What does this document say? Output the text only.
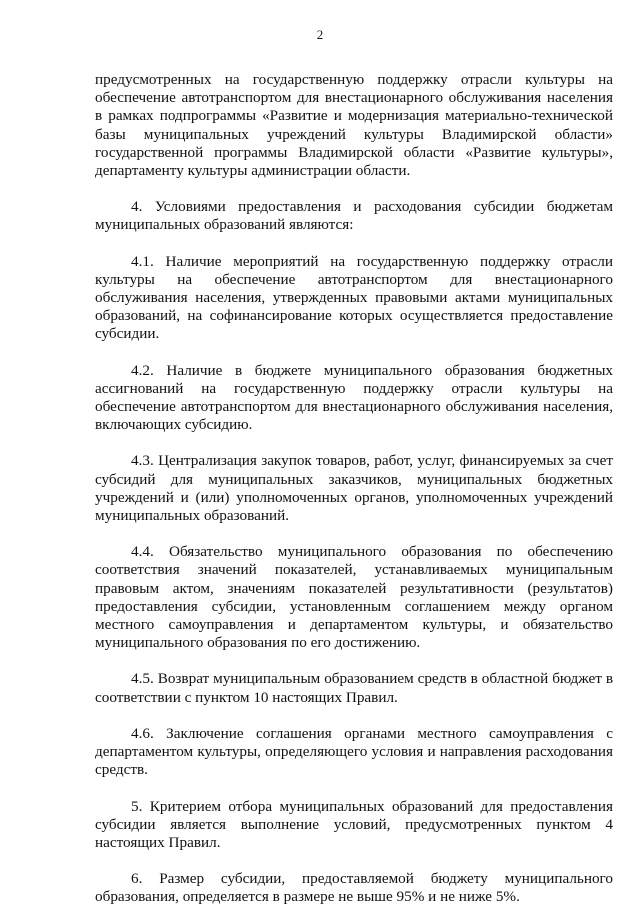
2

предусмотренных на государственную поддержку отрасли культуры на обеспечение автотранспортом для внестационарного обслуживания населения в рамках подпрограммы «Развитие и модернизация материально-технической базы муниципальных учреждений культуры Владимирской области» государственной программы Владимирской области «Развитие культуры», департаменту культуры администрации области.

4. Условиями предоставления и расходования субсидии бюджетам муниципальных образований являются:

4.1. Наличие мероприятий на государственную поддержку отрасли культуры на обеспечение автотранспортом для внестационарного обслуживания населения, утвержденных правовыми актами муниципальных образований, на софинансирование которых осуществляется предоставление субсидии.

4.2. Наличие в бюджете муниципального образования бюджетных ассигнований на государственную поддержку отрасли культуры на обеспечение автотранспортом для внестационарного обслуживания населения, включающих субсидию.

4.3. Централизация закупок товаров, работ, услуг, финансируемых за счет субсидий для муниципальных заказчиков, муниципальных бюджетных учреждений и (или) уполномоченных органов, уполномоченных учреждений муниципальных образований.

4.4. Обязательство муниципального образования по обеспечению соответствия значений показателей, устанавливаемых муниципальным правовым актом, значениям показателей результативности (результатов) предоставления субсидии, установленным соглашением между органом местного самоуправления и департаментом культуры, и обязательство муниципального образования по его достижению.

4.5. Возврат муниципальным образованием средств в областной бюджет в соответствии с пунктом 10 настоящих Правил.

4.6. Заключение соглашения органами местного самоуправления с департаментом культуры, определяющего условия и направления расходования средств.

5. Критерием отбора муниципальных образований для предоставления субсидии является выполнение условий, предусмотренных пунктом 4 настоящих Правил.

6. Размер субсидии, предоставляемой бюджету муниципального образования, определяется в размере не выше 95% и не ниже 5%.
